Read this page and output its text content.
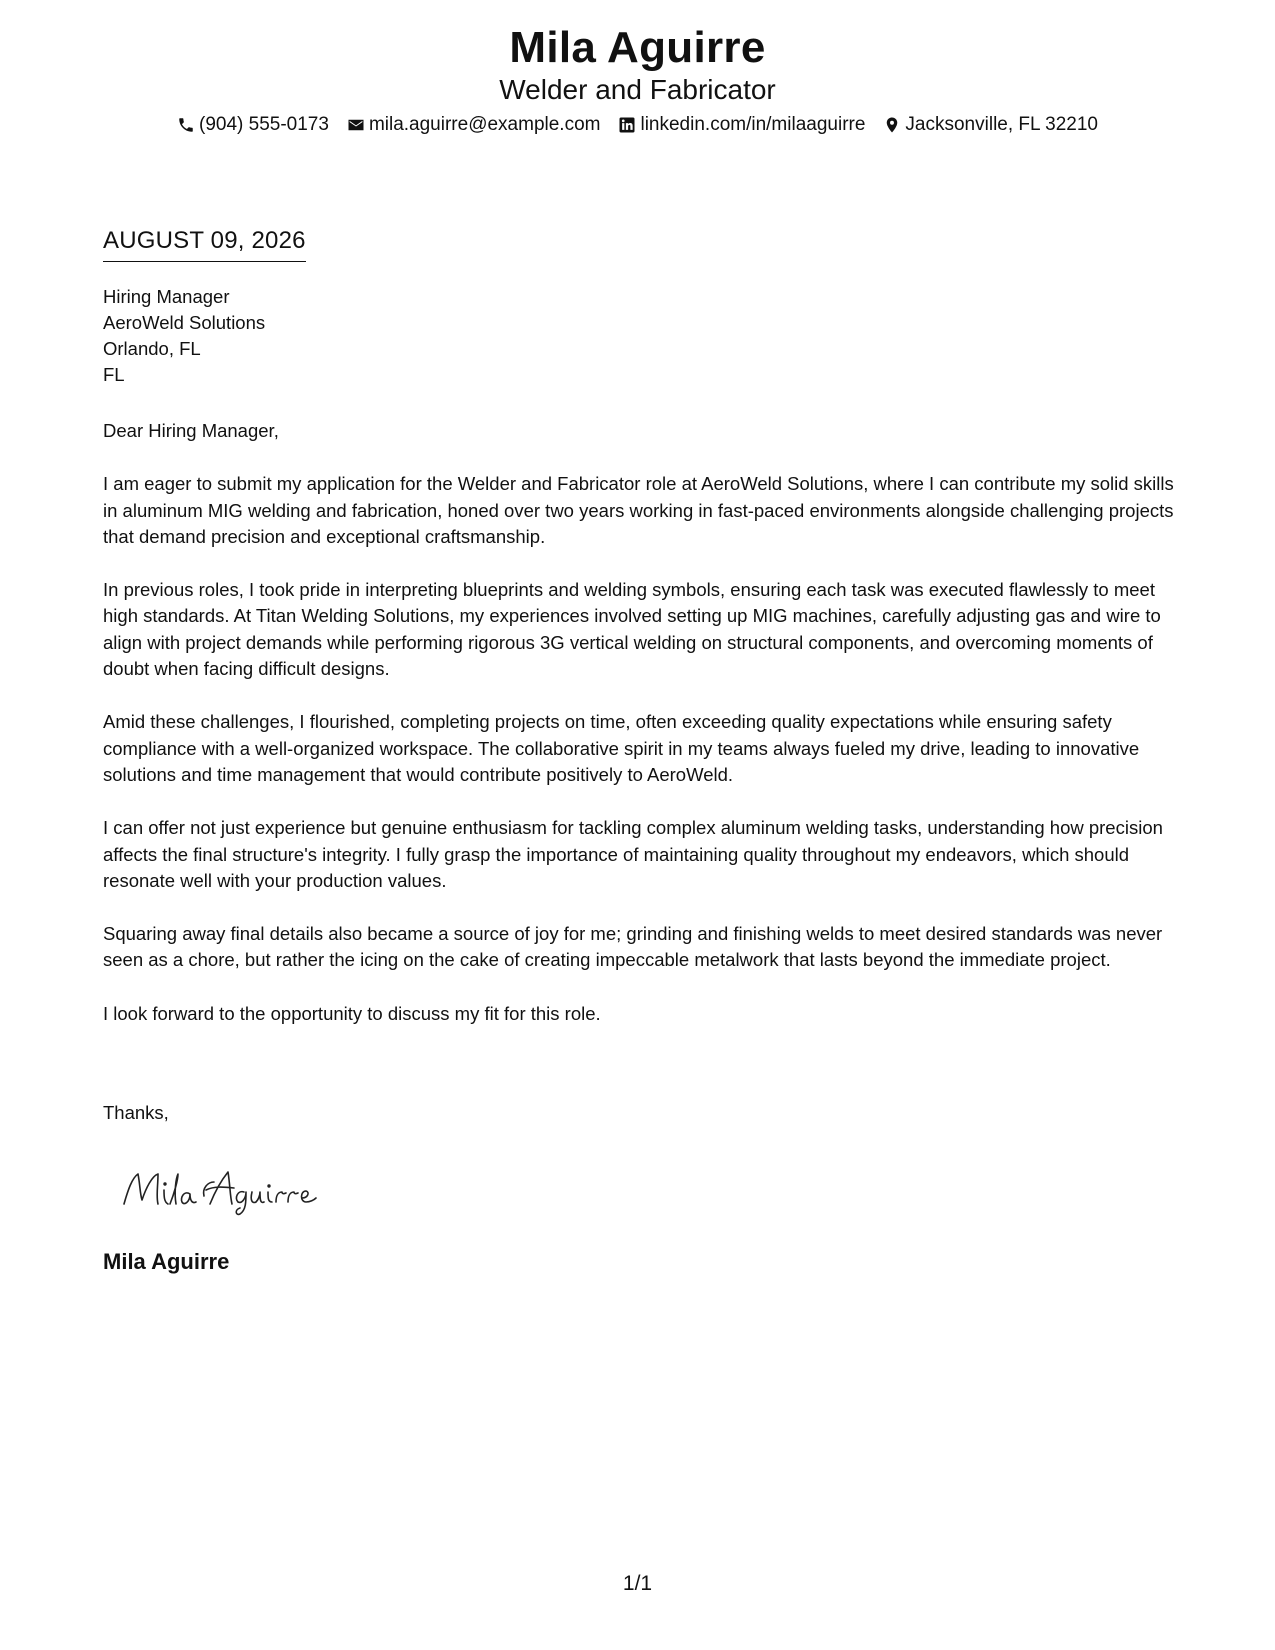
Mila Aguirre
Welder and Fabricator
(904) 555-0173 mila.aguirre@example.com linkedin.com/in/milaaguirre Jacksonville, FL 32210
AUGUST 09, 2026
Hiring Manager
AeroWeld Solutions
Orlando, FL
FL

Dear Hiring Manager,

I am eager to submit my application for the Welder and Fabricator role at AeroWeld Solutions, where I can contribute my solid skills in aluminum MIG welding and fabrication, honed over two years working in fast-paced environments alongside challenging projects that demand precision and exceptional craftsmanship.

In previous roles, I took pride in interpreting blueprints and welding symbols, ensuring each task was executed flawlessly to meet high standards. At Titan Welding Solutions, my experiences involved setting up MIG machines, carefully adjusting gas and wire to align with project demands while performing rigorous 3G vertical welding on structural components, and overcoming moments of doubt when facing difficult designs.

Amid these challenges, I flourished, completing projects on time, often exceeding quality expectations while ensuring safety compliance with a well-organized workspace. The collaborative spirit in my teams always fueled my drive, leading to innovative solutions and time management that would contribute positively to AeroWeld.

I can offer not just experience but genuine enthusiasm for tackling complex aluminum welding tasks, understanding how precision affects the final structure's integrity. I fully grasp the importance of maintaining quality throughout my endeavors, which should resonate well with your production values.

Squaring away final details also became a source of joy for me; grinding and finishing welds to meet desired standards was never seen as a chore, but rather the icing on the cake of creating impeccable metalwork that lasts beyond the immediate project.

I look forward to the opportunity to discuss my fit for this role.

Thanks,
Mila Aguirre
1/1
